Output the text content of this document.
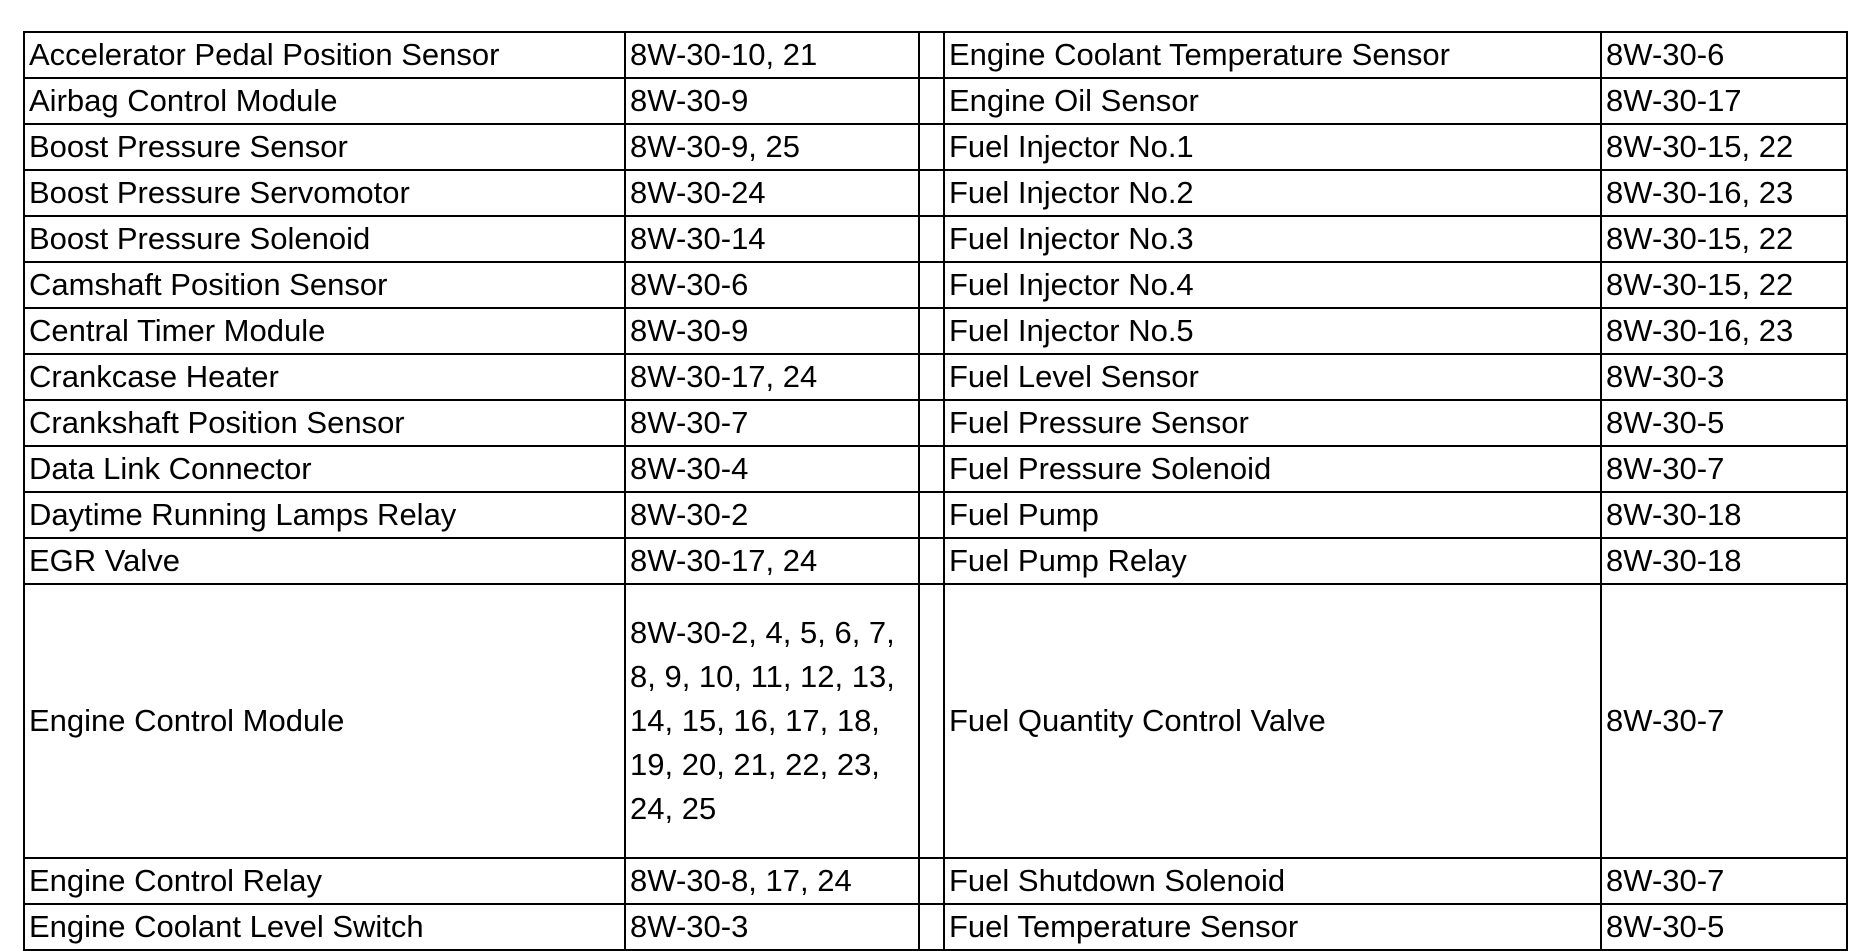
Accelerator Pedal Position Sensor	8W-30-10, 21		Engine Coolant Temperature Sensor	8W-30-6
Airbag Control Module	8W-30-9		Engine Oil Sensor	8W-30-17
Boost Pressure Sensor	8W-30-9, 25		Fuel Injector No.1	8W-30-15, 22
Boost Pressure Servomotor	8W-30-24		Fuel Injector No.2	8W-30-16, 23
Boost Pressure Solenoid	8W-30-14		Fuel Injector No.3	8W-30-15, 22
Camshaft Position Sensor	8W-30-6		Fuel Injector No.4	8W-30-15, 22
Central Timer Module	8W-30-9		Fuel Injector No.5	8W-30-16, 23
Crankcase Heater	8W-30-17, 24		Fuel Level Sensor	8W-30-3
Crankshaft Position Sensor	8W-30-7		Fuel Pressure Sensor	8W-30-5
Data Link Connector	8W-30-4		Fuel Pressure Solenoid	8W-30-7
Daytime Running Lamps Relay	8W-30-2		Fuel Pump	8W-30-18
EGR Valve	8W-30-17, 24		Fuel Pump Relay	8W-30-18
Engine Control Module	8W-30-2, 4, 5, 6, 7, 8, 9, 10, 11, 12, 13, 14, 15, 16, 17, 18, 19, 20, 21, 22, 23, 24, 25		Fuel Quantity Control Valve	8W-30-7
Engine Control Relay	8W-30-8, 17, 24		Fuel Shutdown Solenoid	8W-30-7
Engine Coolant Level Switch	8W-30-3		Fuel Temperature Sensor	8W-30-5
